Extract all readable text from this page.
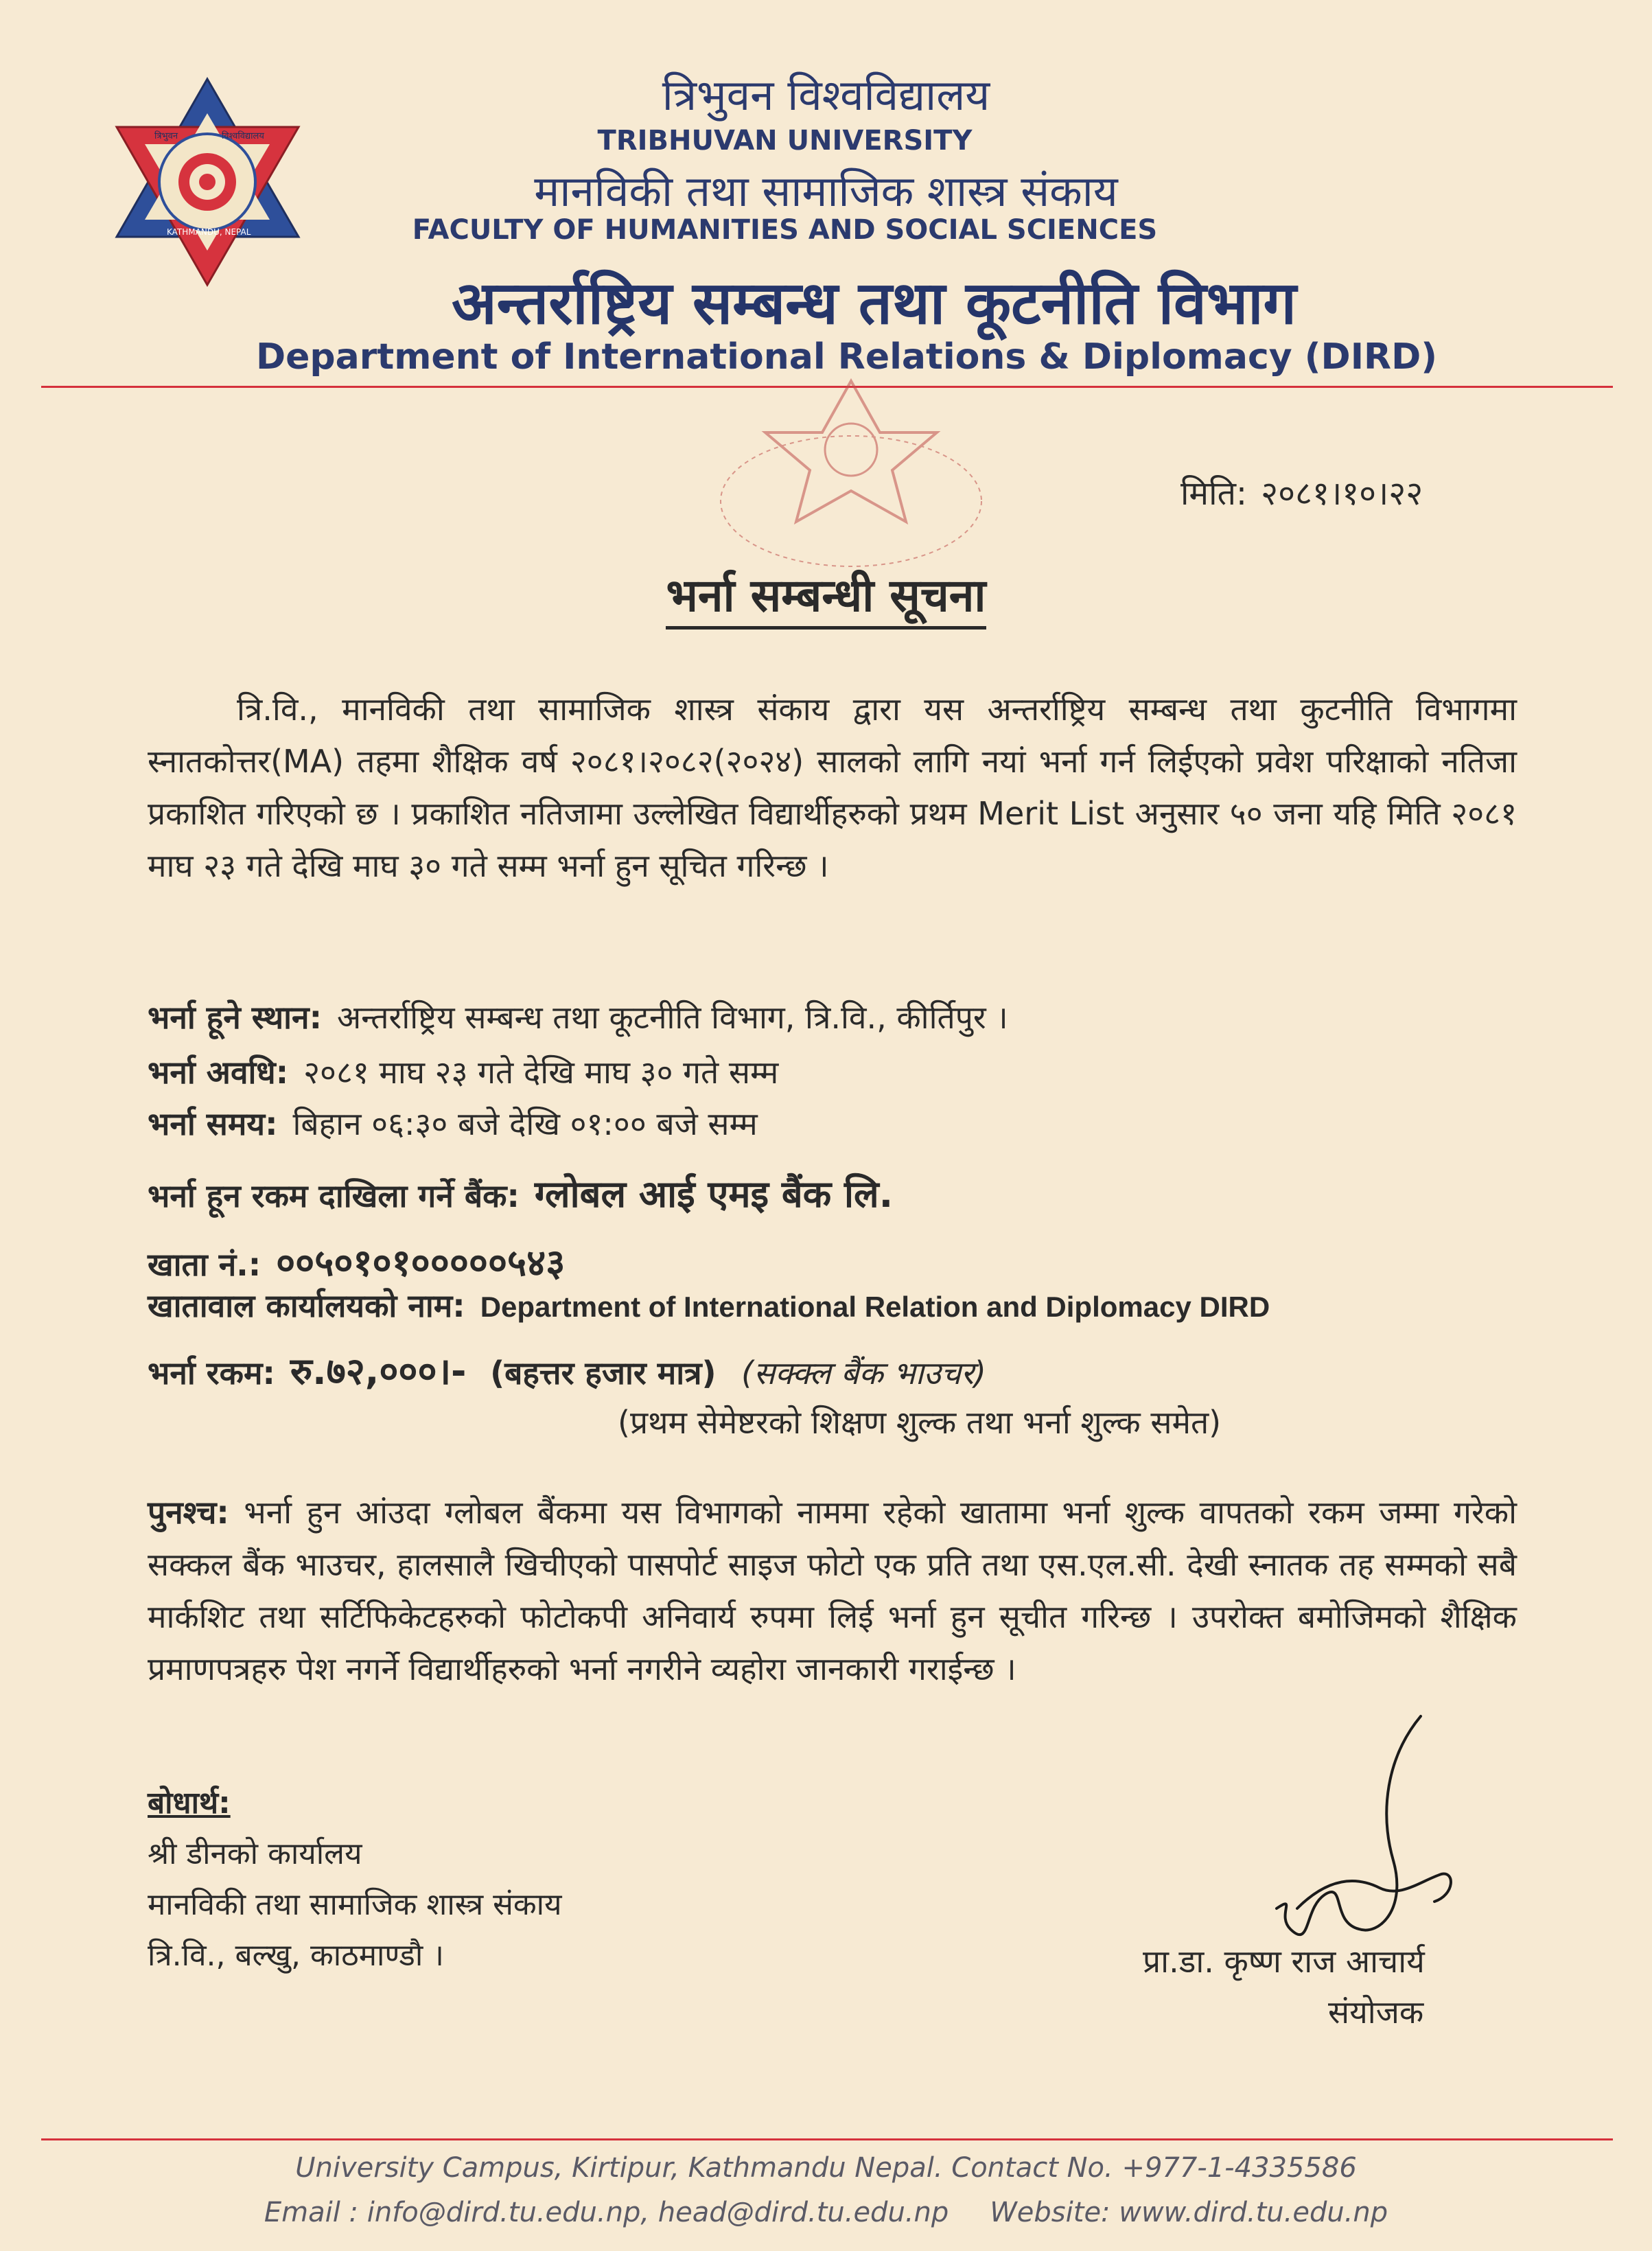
त्रिभुवन	विश्वविद्यालय
KATHMANDU, NEPAL
त्रिभुवन विश्वविद्यालय
TRIBHUVAN UNIVERSITY
मानविकी तथा सामाजिक शास्त्र संकाय
FACULTY OF HUMANITIES AND SOCIAL SCIENCES
अन्तर्राष्ट्रिय सम्बन्ध तथा कूटनीति विभाग
Department of International Relations & Diplomacy (DIRD)
मिति: २०८१।१०।२२
भर्ना सम्बन्धी सूचना
त्रि.वि., मानविकी तथा सामाजिक शास्त्र संकाय द्वारा यस अन्तर्राष्ट्रिय सम्बन्ध तथा कुटनीति विभागमा स्नातकोत्तर(MA) तहमा शैक्षिक वर्ष २०८१।२०८२(२०२४) सालको लागि नयां भर्ना गर्न लिईएको प्रवेश परिक्षाको नतिजा प्रकाशित गरिएको छ । प्रकाशित नतिजामा उल्लेखित विद्यार्थीहरुको प्रथम Merit List अनुसार ५० जना यहि मिति २०८१ माघ २३ गते देखि माघ ३० गते सम्म भर्ना हुन सूचित गरिन्छ ।
भर्ना हूने स्थान: अन्तर्राष्ट्रिय सम्बन्ध तथा कूटनीति विभाग, त्रि.वि., कीर्तिपुर ।
भर्ना अवधि: २०८१ माघ २३ गते देखि माघ ३० गते सम्म
भर्ना समय: बिहान ०६:३० बजे देखि ०१:०० बजे सम्म
भर्ना हून रकम दाखिला गर्ने बैंक: ग्लोबल आई एमइ बैंक लि.
खाता नं.: ००५०१०१०००००५४३
खातावाल कार्यालयको नाम: Department of International Relation and Diplomacy DIRD
भर्ना रकम: रु.७२,०००।- (बहत्तर हजार मात्र) (सक्क्ल बैंक भाउचर)
(प्रथम सेमेष्टरको शिक्षण शुल्क तथा भर्ना शुल्क समेत)
पुनश्च: भर्ना हुन आंउदा ग्लोबल बैंकमा यस विभागको नाममा रहेको खातामा भर्ना शुल्क वापतको रकम जम्मा गरेको सक्कल बैंक भाउचर, हालसालै खिचीएको पासपोर्ट साइज फोटो एक प्रति तथा एस.एल.सी. देखी स्नातक तह सम्मको सबै मार्कशिट तथा सर्टिफिकेटहरुको फोटोकपी अनिवार्य रुपमा लिई भर्ना हुन सूचीत गरिन्छ । उपरोक्त बमोजिमको शैक्षिक प्रमाणपत्रहरु पेश नगर्ने विद्यार्थीहरुको भर्ना नगरीने व्यहोरा जानकारी गराईन्छ ।
बोधार्थ:
श्री डीनको कार्यालय
मानविकी तथा सामाजिक शास्त्र संकाय
त्रि.वि., बल्खु, काठमाण्डौ ।	प्रा.डा. कृष्ण राज आचार्य
संयोजक
University Campus, Kirtipur, Kathmandu Nepal. Contact No. +977-1-4335586
Email : info@dird.tu.edu.np, head@dird.tu.edu.np Website: www.dird.tu.edu.np
